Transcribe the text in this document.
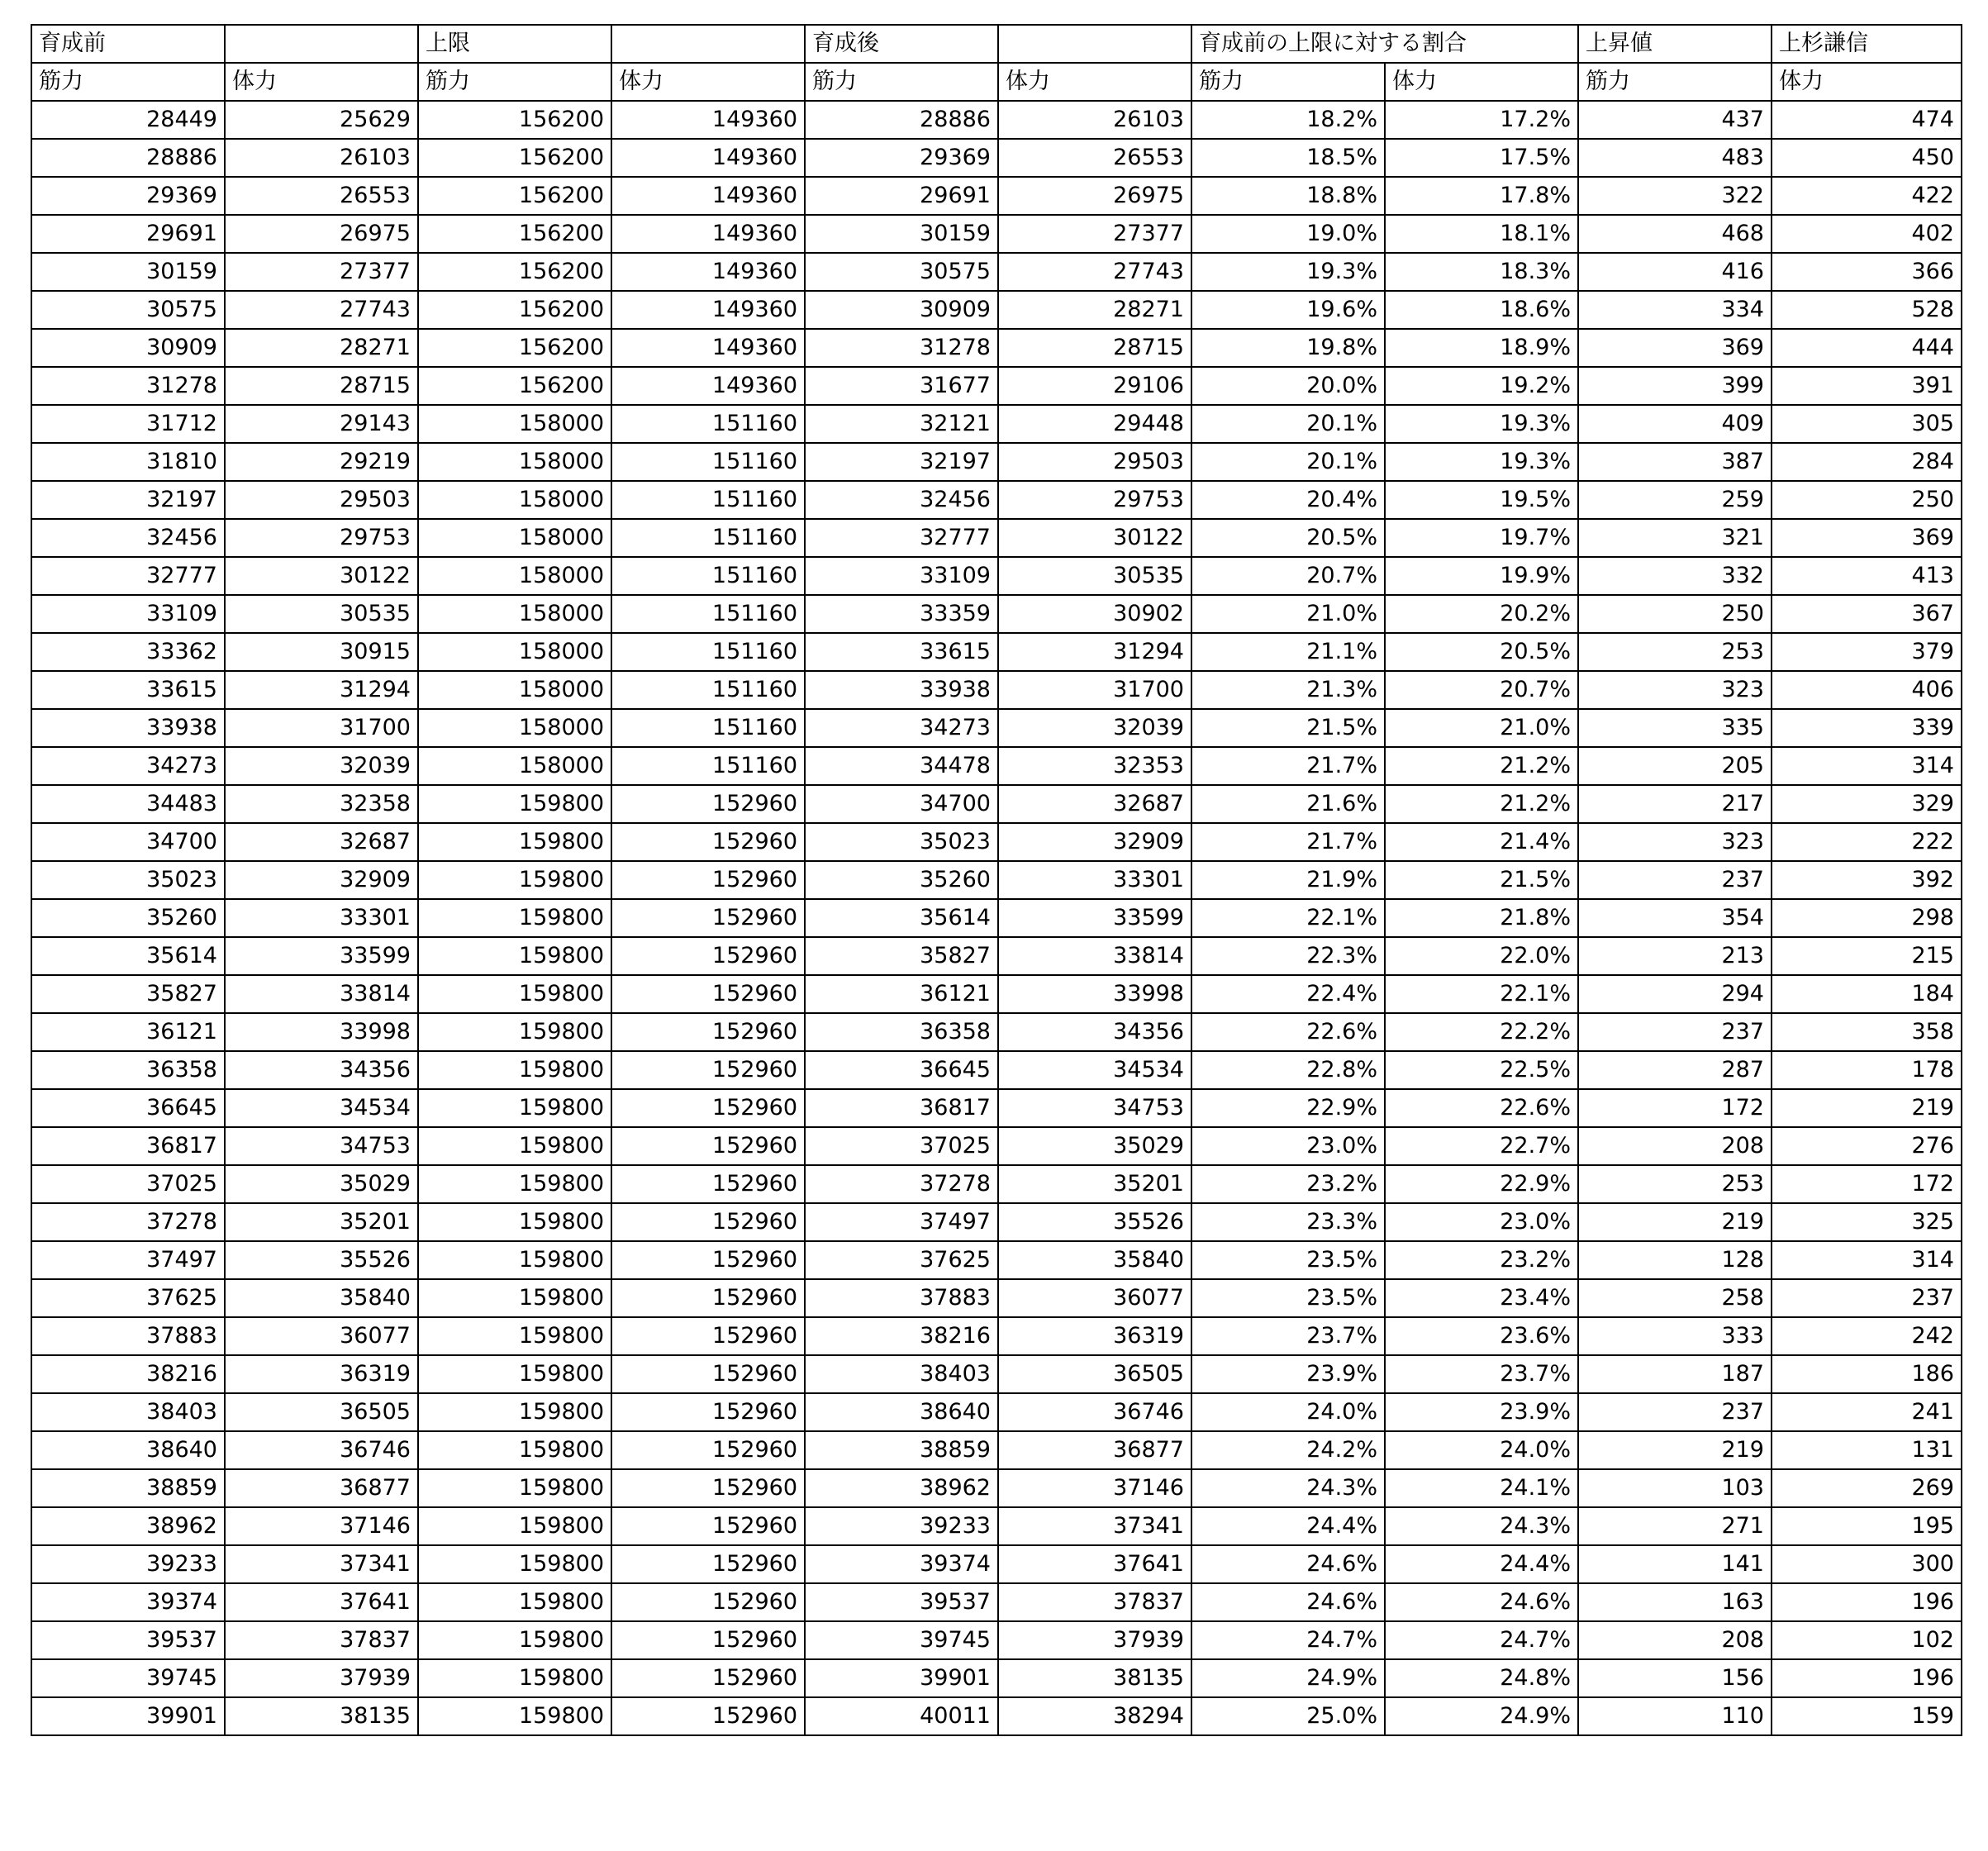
育成前		上限		育成後		育成前の上限に対する割合		上昇値	上杉謙信
筋力	体力	筋力	体力	筋力	体力	筋力	体力	筋力	体力
28449	25629	156200	149360	28886	26103	18.2%	17.2%	437	474
28886	26103	156200	149360	29369	26553	18.5%	17.5%	483	450
29369	26553	156200	149360	29691	26975	18.8%	17.8%	322	422
29691	26975	156200	149360	30159	27377	19.0%	18.1%	468	402
30159	27377	156200	149360	30575	27743	19.3%	18.3%	416	366
30575	27743	156200	149360	30909	28271	19.6%	18.6%	334	528
30909	28271	156200	149360	31278	28715	19.8%	18.9%	369	444
31278	28715	156200	149360	31677	29106	20.0%	19.2%	399	391
31712	29143	158000	151160	32121	29448	20.1%	19.3%	409	305
31810	29219	158000	151160	32197	29503	20.1%	19.3%	387	284
32197	29503	158000	151160	32456	29753	20.4%	19.5%	259	250
32456	29753	158000	151160	32777	30122	20.5%	19.7%	321	369
32777	30122	158000	151160	33109	30535	20.7%	19.9%	332	413
33109	30535	158000	151160	33359	30902	21.0%	20.2%	250	367
33362	30915	158000	151160	33615	31294	21.1%	20.5%	253	379
33615	31294	158000	151160	33938	31700	21.3%	20.7%	323	406
33938	31700	158000	151160	34273	32039	21.5%	21.0%	335	339
34273	32039	158000	151160	34478	32353	21.7%	21.2%	205	314
34483	32358	159800	152960	34700	32687	21.6%	21.2%	217	329
34700	32687	159800	152960	35023	32909	21.7%	21.4%	323	222
35023	32909	159800	152960	35260	33301	21.9%	21.5%	237	392
35260	33301	159800	152960	35614	33599	22.1%	21.8%	354	298
35614	33599	159800	152960	35827	33814	22.3%	22.0%	213	215
35827	33814	159800	152960	36121	33998	22.4%	22.1%	294	184
36121	33998	159800	152960	36358	34356	22.6%	22.2%	237	358
36358	34356	159800	152960	36645	34534	22.8%	22.5%	287	178
36645	34534	159800	152960	36817	34753	22.9%	22.6%	172	219
36817	34753	159800	152960	37025	35029	23.0%	22.7%	208	276
37025	35029	159800	152960	37278	35201	23.2%	22.9%	253	172
37278	35201	159800	152960	37497	35526	23.3%	23.0%	219	325
37497	35526	159800	152960	37625	35840	23.5%	23.2%	128	314
37625	35840	159800	152960	37883	36077	23.5%	23.4%	258	237
37883	36077	159800	152960	38216	36319	23.7%	23.6%	333	242
38216	36319	159800	152960	38403	36505	23.9%	23.7%	187	186
38403	36505	159800	152960	38640	36746	24.0%	23.9%	237	241
38640	36746	159800	152960	38859	36877	24.2%	24.0%	219	131
38859	36877	159800	152960	38962	37146	24.3%	24.1%	103	269
38962	37146	159800	152960	39233	37341	24.4%	24.3%	271	195
39233	37341	159800	152960	39374	37641	24.6%	24.4%	141	300
39374	37641	159800	152960	39537	37837	24.6%	24.6%	163	196
39537	37837	159800	152960	39745	37939	24.7%	24.7%	208	102
39745	37939	159800	152960	39901	38135	24.9%	24.8%	156	196
39901	38135	159800	152960	40011	38294	25.0%	24.9%	110	159
